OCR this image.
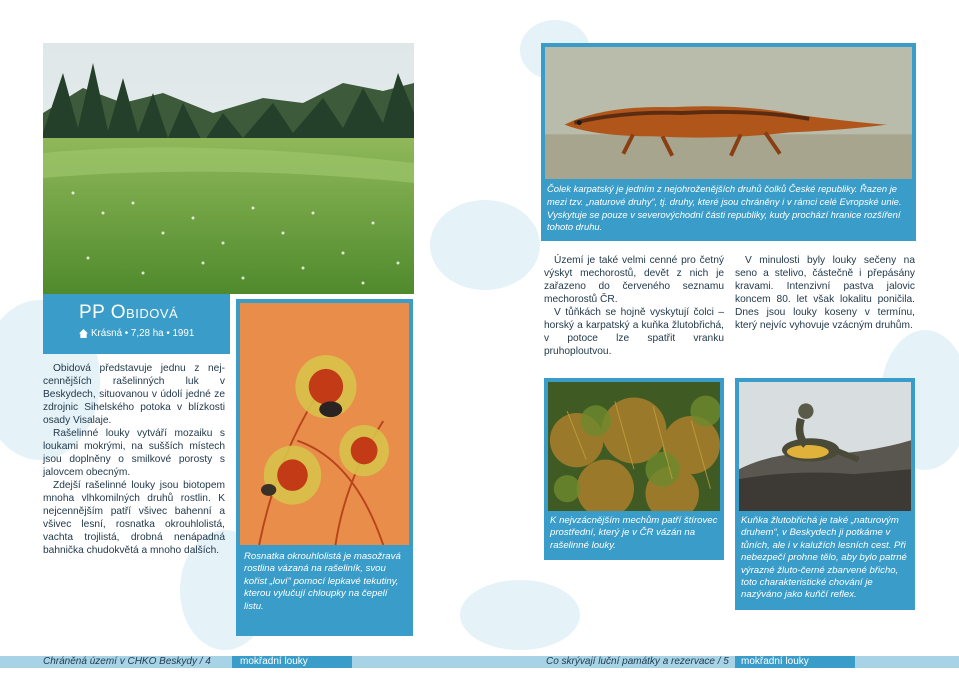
PP Obidová
Krásná • 7,28 ha • 1991

Obidová představuje jednu z nej-cennějších rašelinných luk v Beskydech, situovanou v údolí jedné ze zdrojnic Sihelského potoka v blízkosti osady Visalaje.

Rašelinné louky vytváří mozaiku s loukami mokrými, na sušších místech jsou doplněny o smilkové porosty s jalovcem obecným.

Zdejší rašelinné louky jsou biotopem mnoha vlhkomilných druhů rostlin. K nejcennějším patří všivec bahenní a všivec lesní, rosnatka okrouhlolistá, vachta trojlistá, drobná nenápadná bahnička chudokvětá a mnoho dalších.

Rosnatka okrouhlolistá je masožravá rostlina vázaná na rašeliník, svou kořist „loví“ pomocí lepkavé tekutiny, kterou vylučují chloupky na čepelí listu.
Čolek karpatský je jedním z nejohroženějších druhů čolků České republiky. Řazen je mezi tzv. „naturové druhy“, tj. druhy, které jsou chráněny i v rámci celé Evropské unie. Vyskytuje se pouze v severovýchodní části republiky, kudy prochází hranice rozšíření tohoto druhu.

Území je také velmi cenné pro četný výskyt mechorostů, devět z nich je zařazeno do červeného seznamu mechorostů ČR.

V tůňkách se hojně vyskytují čolci – horský a karpatský a kuňka žlutobřichá, v potoce lze spatřit vranku pruhoploutvou.

V minulosti byly louky sečeny na seno a stelivo, částečně i přepásány kravami. Intenzivní pastva jalovic koncem 80. let však lokalitu poničila. Dnes jsou louky koseny v termínu, který nejvíc vyhovuje vzácným druhům.

K nejvzácnějším mechům patří štírovec prostřední, který je v ČR vázán na rašelinné louky.
Kuňka žlutobřichá je také „naturovým druhem“, v Beskydech ji potkáme v tůních, ale i v kalužích lesních cest. Při nebezpečí prohne tělo, aby bylo patrné výrazné žluto-černé zbarvené břicho, toto charakteristické chování je nazýváno jako kuňčí reflex.
Chráněná území v CHKO Beskydy / 4	mokřadní louky	Co skrývají luční památky a rezervace / 5 mokřadní louky
